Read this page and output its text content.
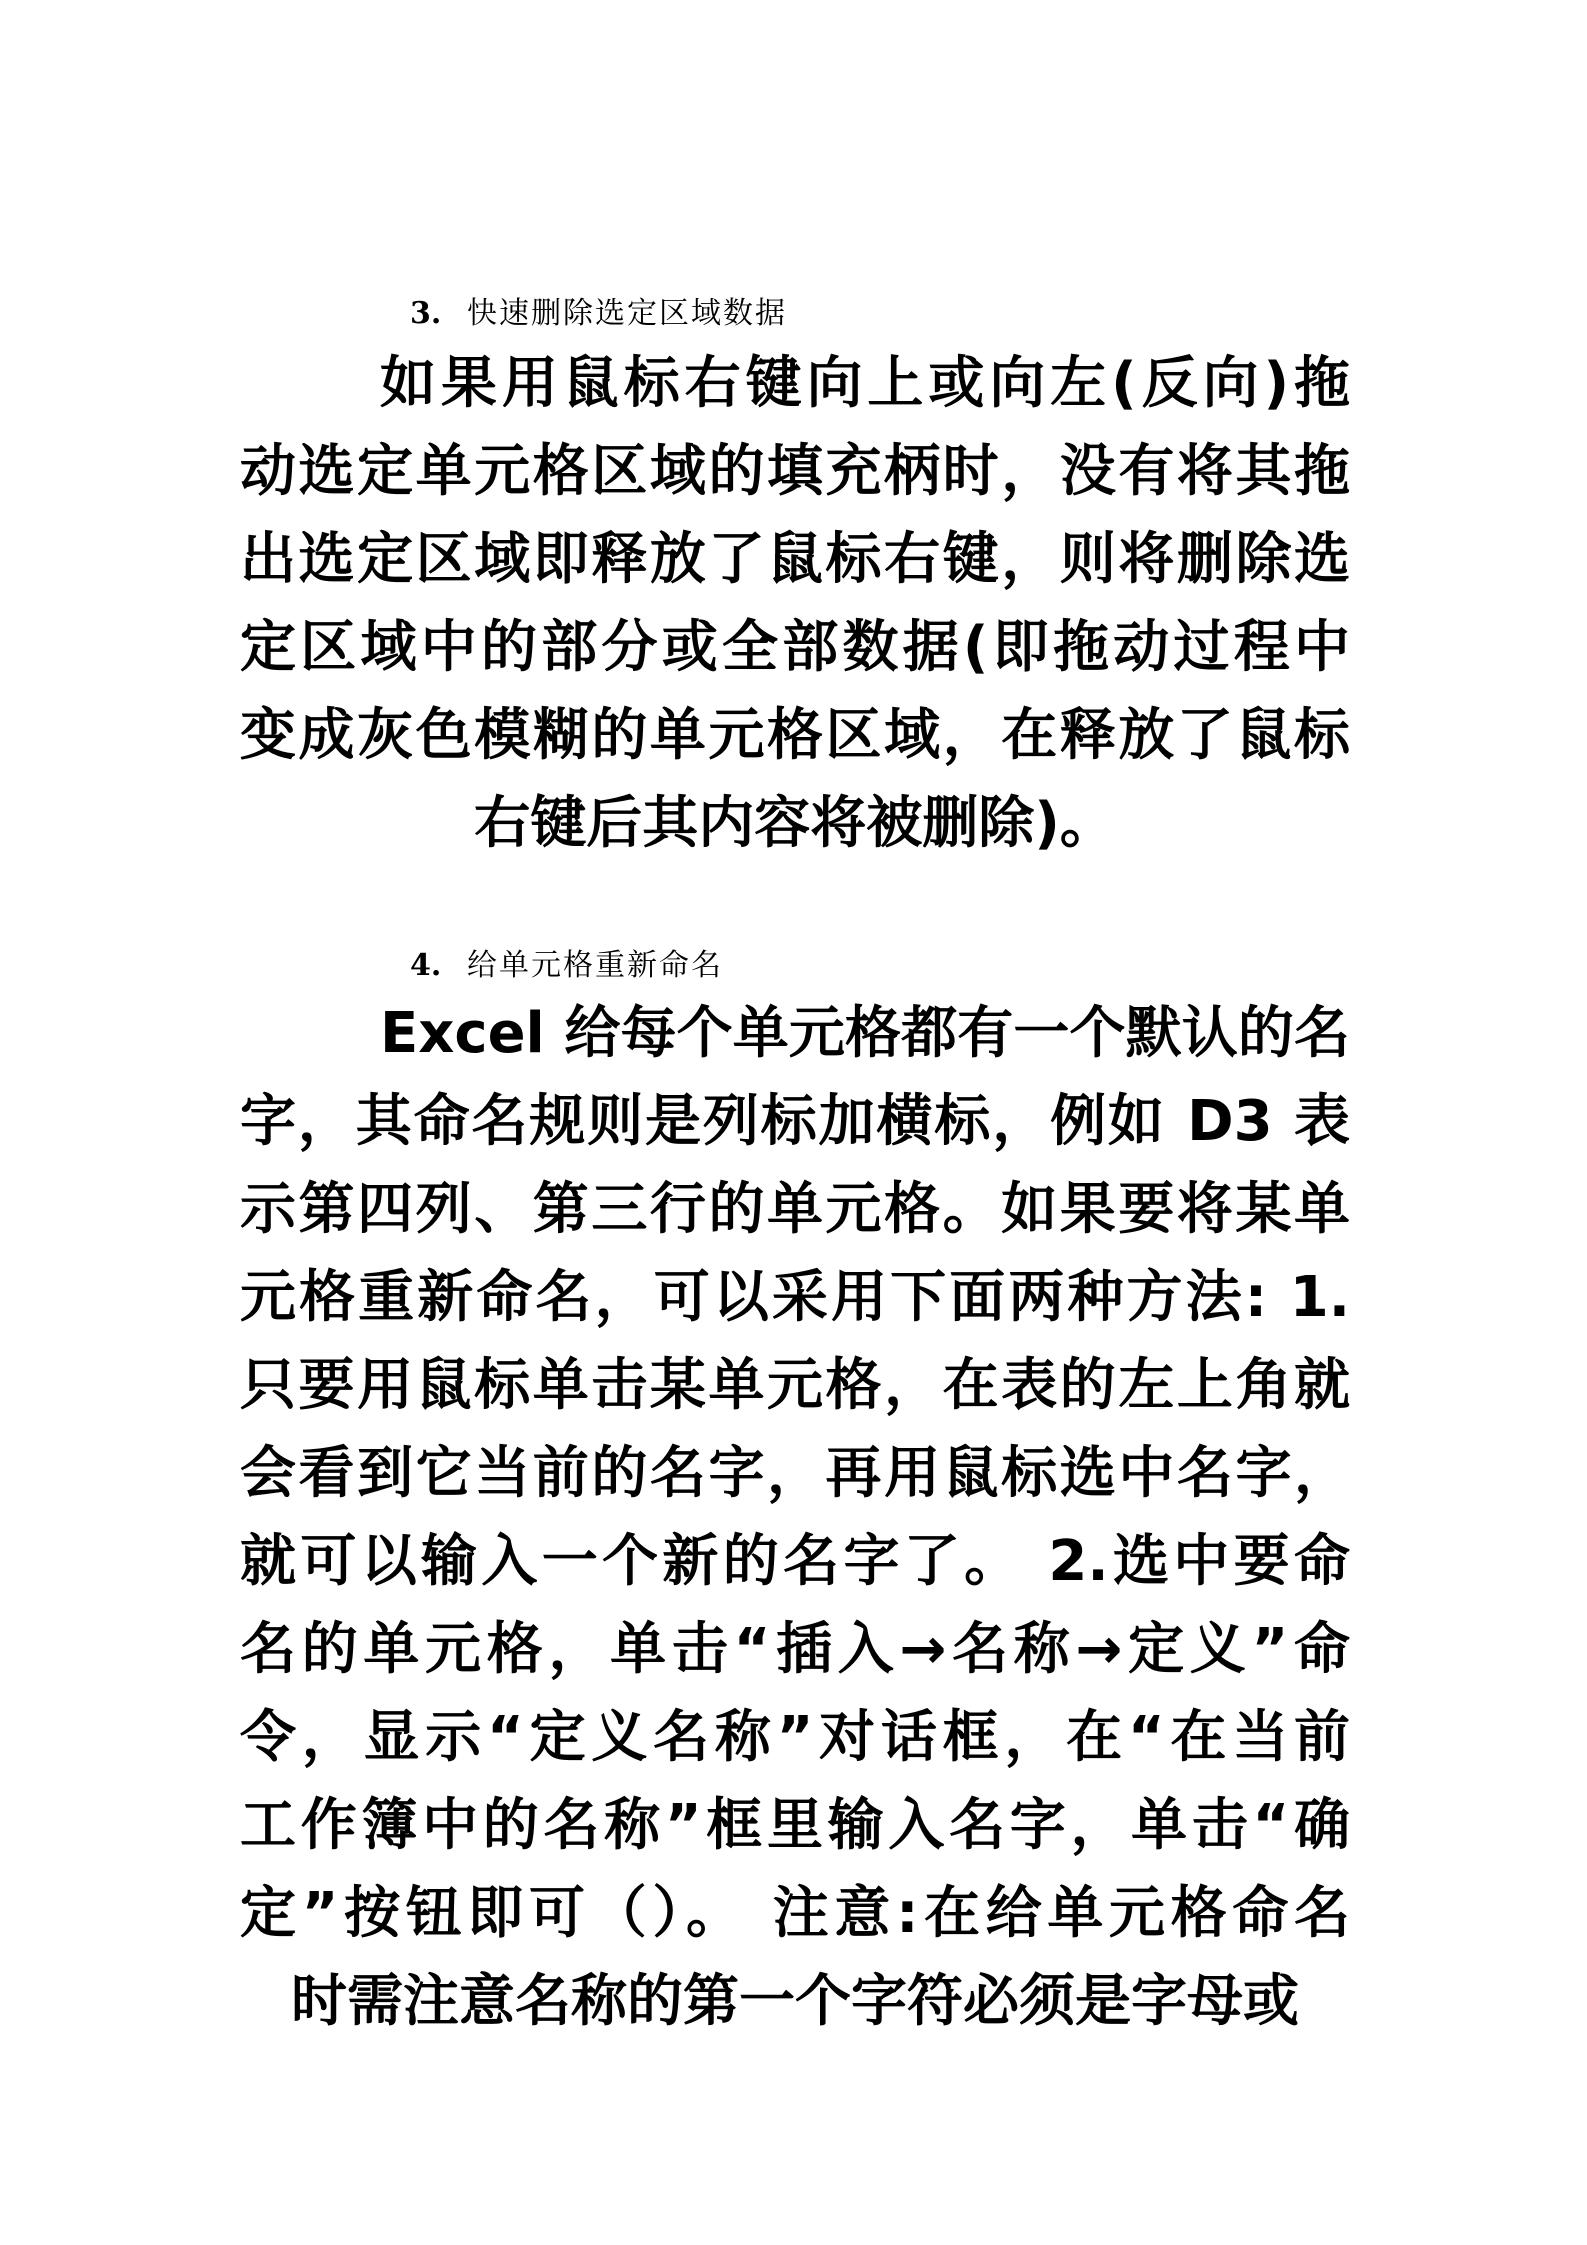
3. 快速删除选定区域数据
如果用鼠标右键向上或向左(反向)拖
动选定单元格区域的填充柄时，没有将其拖
出选定区域即释放了鼠标右键，则将删除选
定区域中的部分或全部数据(即拖动过程中
变成灰色模糊的单元格区域，在释放了鼠标
右键后其内容将被删除)。
4. 给单元格重新命名
Excel 给每个单元格都有一个默认的名
字，其命名规则是列标加横标，例如 D3 表
示第四列、第三行的单元格。如果要将某单
元格重新命名，可以采用下面两种方法: 1.
只要用鼠标单击某单元格，在表的左上角就
会看到它当前的名字，再用鼠标选中名字，
就可以输入一个新的名字了。 2.选中要命
名的单元格，单击“插入→名称→定义”命
令，显示“定义名称”对话框，在“在当前
工作簿中的名称”框里输入名字，单击“确
定”按钮即可（）。 注意:在给单元格命名
时需注意名称的第一个字符必须是字母或
